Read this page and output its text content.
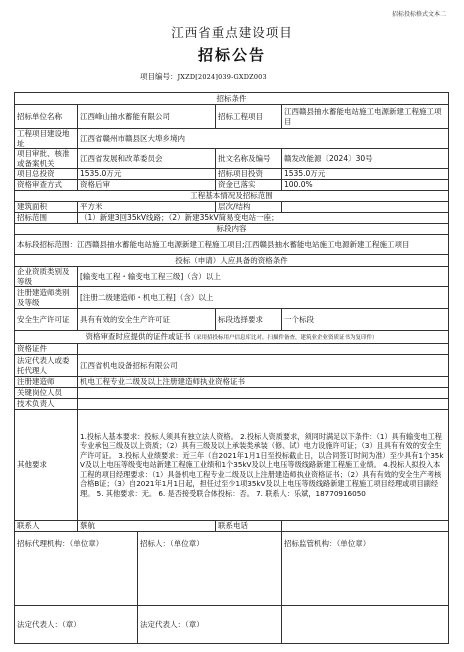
招标投标格式文本二
江西省重点建设项目
招标公告
项目编号：JXZD[2024]039-GXDZ003
招标条件				
招标单位名称	江西峰山抽水蓄能有限公司		招标工程项目	江西赣县抽水蓄能电站施工电源新建工程施工项目
工程项目建设地址	江西省赣州市赣县区大埠乡境内			
项目审批、核准或备案机关	江西省发展和改革委员会		批文名称及编号	赣发改能源〔2024〕30号
项目总投资	1535.0万元		招标项目投资	1535.0万元
资格审查方式	资格后审		资金已落实	100.0%
工程基本情况及招标范围				
建筑面积	平方米		层次/结构	
招标范围	（1）新建3回35kV线路；（2）新建35kV简易变电站一座；			
标段内容				
本标段招标范围：江西赣县抽水蓄能电站施工电源新建工程施工项目;江西赣县抽水蓄能电站施工电源新建工程施工项目				
投标（申请）人应具备的资格条件				
企业资质类别及等级	[输变电工程・输变电工程三级]（含）以上			
注册建造师类别及等级	[注册二级建造师・机电工程]（含）以上			
安全生产许可证	具有有效的安全生产许可证		标段选择要求	一个标段
资格审查时应提供的证件或证书（采用招投标用户信息库比对，扫描件备查，建筑业企业资质证书为复印件）				
资格证件				
法定代表人或委托代理人	江西省机电设备招标有限公司			
注册建造师	机电工程专业二级及以上注册建造师执业资格证书			
关键岗位人员				
技术负责人				
其他要求	1.投标人基本要求：投标人须具有独立法人资格。 2.投标人资质要求，须同时满足以下条件：（1）具有输变电工程专业承包三级及以上资质；（2）具有三级及以上承装类承装（修、试）电力设施许可证；（3）且具有有效的安全生产许可证。 3.投标人业绩要求：近三年（自2021年1月1日至投标截止日，以合同签订时间为准）至少具有1个35kV及以上电压等级变电站新建工程施工业绩和1个35kV及以上电压等级线路新建工程施工业绩。 4.投标人拟投入本工程的项目经理要求：（1）具备机电工程专业二级及以上注册建造师执业资格证书；（2）具有有效的安全生产考核合格B证；（3）自2021年1月1日起，担任过至少1项35kV及以上电压等级线路新建工程施工项目经理或项目副经理。 5. 其他要求：无。 6. 是否接受联合体投标：否。 7. 联系人：乐斌，18770916050			
联系人	蔡航		联系电话	
招标代理机构：（单位章）		招标人：（单位章）		招标监管机构：（单位章）
法定代表人：（章）		法定代表人：（章）		
